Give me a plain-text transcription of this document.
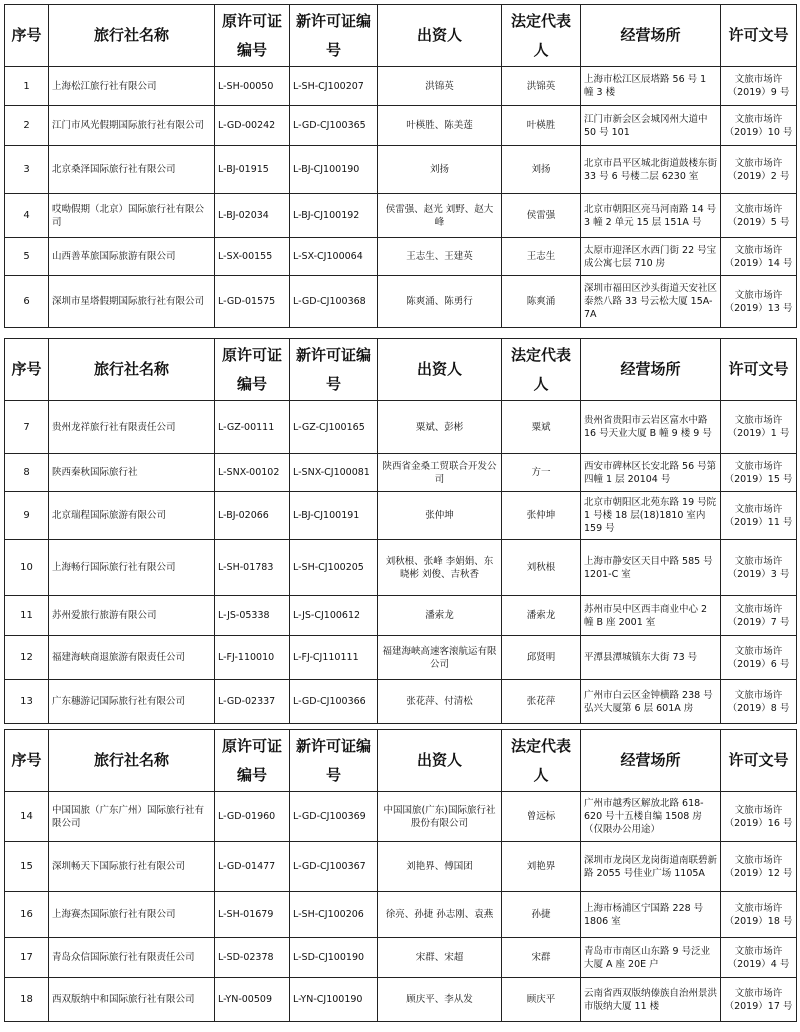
序号	旅行社名称	原许可证编号	新许可证编号	出资人	法定代表人	经营场所	许可文号
1	上海松江旅行社有限公司	L-SH-00050	L-SH-CJ100207	洪锦英	洪锦英	上海市松江区辰塔路 56 号 1 幢 3 楼	文旅市场许（2019）9 号
2	江门市风光假期国际旅行社有限公司	L-GD-00242	L-GD-CJ100365	叶楧胜、陈美莲	叶楧胜	江门市新会区会城冈州大道中 50 号 101	文旅市场许（2019）10 号
3	北京桑泽国际旅行社有限公司	L-BJ-01915	L-BJ-CJ100190	刘扬	刘扬	北京市昌平区城北街道鼓楼东街 33 号 6 号楼二层 6230 室	文旅市场许（2019）2 号
4	哎呦假期（北京）国际旅行社有限公司	L-BJ-02034	L-BJ-CJ100192	侯雷强、赵光 刘野、赵大峰	侯雷强	北京市朝阳区亮马河南路 14 号 3 幢 2 单元 15 层 151A 号	文旅市场许（2019）5 号
5	山西善革旅国际旅游有限公司	L-SX-00155	L-SX-CJ100064	王志生、王建英	王志生	太原市迎泽区水西门街 22 号宝成公寓七层 710 房	文旅市场许（2019）14 号
6	深圳市星塔假期国际旅行社有限公司	L-GD-01575	L-GD-CJ100368	陈爽涌、陈勇行	陈爽涌	深圳市福田区沙头街道天安社区泰然八路 33 号云松大厦 15A-7A	文旅市场许（2019）13 号
序号	旅行社名称	原许可证编号	新许可证编号	出资人	法定代表人	经营场所	许可文号
7	贵州龙祥旅行社有限责任公司	L-GZ-00111	L-GZ-CJ100165	粟斌、彭彬	粟斌	贵州省贵阳市云岩区富水中路 16 号天业大厦 B 幢 9 楼 9 号	文旅市场许（2019）1 号
8	陕西秦秋国际旅行社	L-SNX-00102	L-SNX-CJ100081	陕西省金桑工贸联合开发公司	方一	西安市碑林区长安北路 56 号第四幢 1 层 20104 号	文旅市场许（2019）15 号
9	北京瑞程国际旅游有限公司	L-BJ-02066	L-BJ-CJ100191	张仲坤	张仲坤	北京市朝阳区北苑东路 19 号院 1 号楼 18 层(18)1810 室内 159 号	文旅市场许（2019）11 号
10	上海畅行国际旅行社有限公司	L-SH-01783	L-SH-CJ100205	刘秋根、张峰 李娟娟、东晓彬 刘俊、吉秋香	刘秋根	上海市静安区天目中路 585 号 1201-C 室	文旅市场许（2019）3 号
11	苏州爱旅行旅游有限公司	L-JS-05338	L-JS-CJ100612	潘索龙	潘索龙	苏州市吴中区西丰商业中心 2 幢 B 座 2001 室	文旅市场许（2019）7 号
12	福建海峡商退旅游有限责任公司	L-FJ-110010	L-FJ-CJ110111	福建海峡高速客滚航运有限公司	邱贤明	平潭县潭城镇东大街 73 号	文旅市场许（2019）6 号
13	广东穗游记国际旅行社有限公司	L-GD-02337	L-GD-CJ100366	张花萍、付清松	张花萍	广州市白云区金钟横路 238 号弘兴大厦第 6 层 601A 房	文旅市场许（2019）8 号
序号	旅行社名称	原许可证编号	新许可证编号	出资人	法定代表人	经营场所	许可文号
14	中国国旅（广东广州）国际旅行社有限公司	L-GD-01960	L-GD-CJ100369	中国国旅(广东)国际旅行社股份有限公司	曾远标	广州市越秀区解放北路 618-620 号十五楼自编 1508 房（仅限办公用途）	文旅市场许（2019）16 号
15	深圳畅天下国际旅行社有限公司	L-GD-01477	L-GD-CJ100367	刘艳界、傅国团	刘艳界	深圳市龙岗区龙岗街道南联碧新路 2055 号佳业广场 1105A	文旅市场许（2019）12 号
16	上海赛杰国际旅行社有限公司	L-SH-01679	L-SH-CJ100206	徐亮、孙捷 孙志刚、袁燕	孙捷	上海市杨浦区宁国路 228 号 1806 室	文旅市场许（2019）18 号
17	青岛众信国际旅行社有限责任公司	L-SD-02378	L-SD-CJ100190	宋群、宋超	宋群	青岛市市南区山东路 9 号泛业大厦 A 座 20E 户	文旅市场许（2019）4 号
18	西双版纳中和国际旅行社有限公司	L-YN-00509	L-YN-CJ100190	顾庆平、李从发	顾庆平	云南省西双版纳傣族自治州景洪市版纳大厦 11 楼	文旅市场许（2019）17 号
